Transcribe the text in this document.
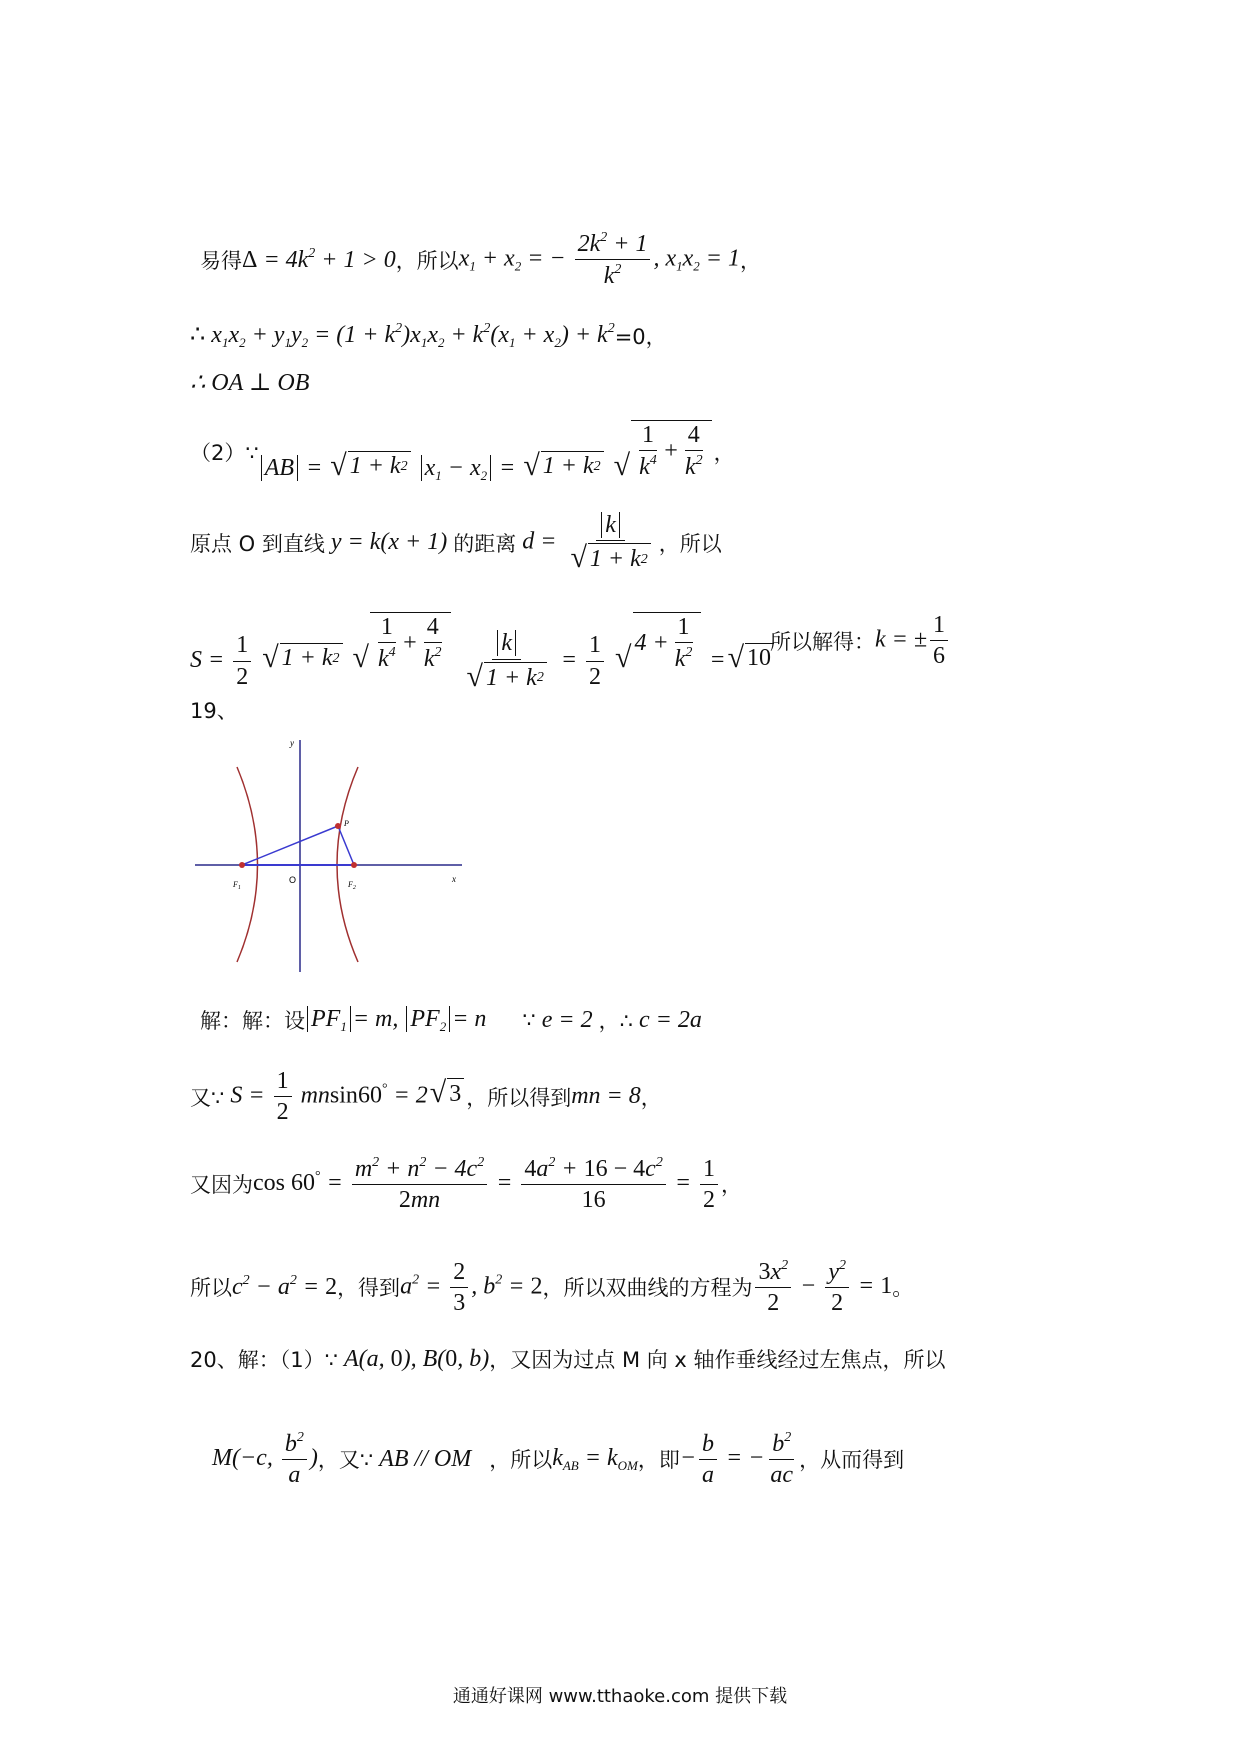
易得 $\Delta = 4k^2 + 1 > 0$ ，所以 $x_1 + x_2$ = − $\frac{2k^2 + 1}{k^2}$ , $x_1x_2 = 1$ ，
∴ $x_1x_2 + y_1y_2 = (1 + k^2)x_1x_2 + k^2(x_1 + x_2) + k^2 =0$，
∴ OA ⊥ OB
（2）∵
AB = √ 1 + k 2 $x_1 - x_2$ = √ 1 + k 2
√ $\frac{1}{k^4} + \frac{4}{k^2}$ ，
原点 O 到直线 y = k(x + 1) 的距离 $d = \frac{k}{√ 1 + k 2}$ ，所以
$S = \frac{1}{2}$
√ 1 + k 2
√ $\frac{1}{k^4} + \frac{4}{k^2}$
$\frac{k}{√ 1 + k 2} = \frac{1}{2}$
√ $4 + \frac{1}{k^2}$ = √ 10
所以解得： k = ± $\frac{1}{6}$
19、
y
x
O
P
$F_1$	$F_2$
解：解：设 $PF_1 = m$, $PF_2 = n$ ∵ e = 2 ，∴ c = 2a
又∵ $S = \frac{1}{2} mnsin60^\circ = 2$ √ 3 ，所以得到 mn = 8 ，
又因为 $\cos 60^\circ = \frac{m^2 + n^2 - 4c^2}{2mn} = \frac{4a^2 + 16 - 4c^2}{16} = \frac{1}{2}$ ，
所以 $c^2 - a^2 = 2$ ，得到 $a^2 = \frac{2}{3}$ , $b^2 = 2$ ，所以双曲线的方程为 $\frac{3x^2}{2} - \frac{y^2}{2} = 1$ 。
20、解：（1）∵ A(a, 0), B(0, b) ，又因为过点 M 向 x 轴作垂线经过左焦点，所以
M(−c, $\frac{b^2}{a}$ ) ，又∵ AB // OM ，所以 $k_{AB} = k_{OM}$ ，即 − $\frac{b}{a}$ = − $\frac{b^2}{ac}$ ，从而得到
通通好课网 www.tthaoke.com 提供下载
